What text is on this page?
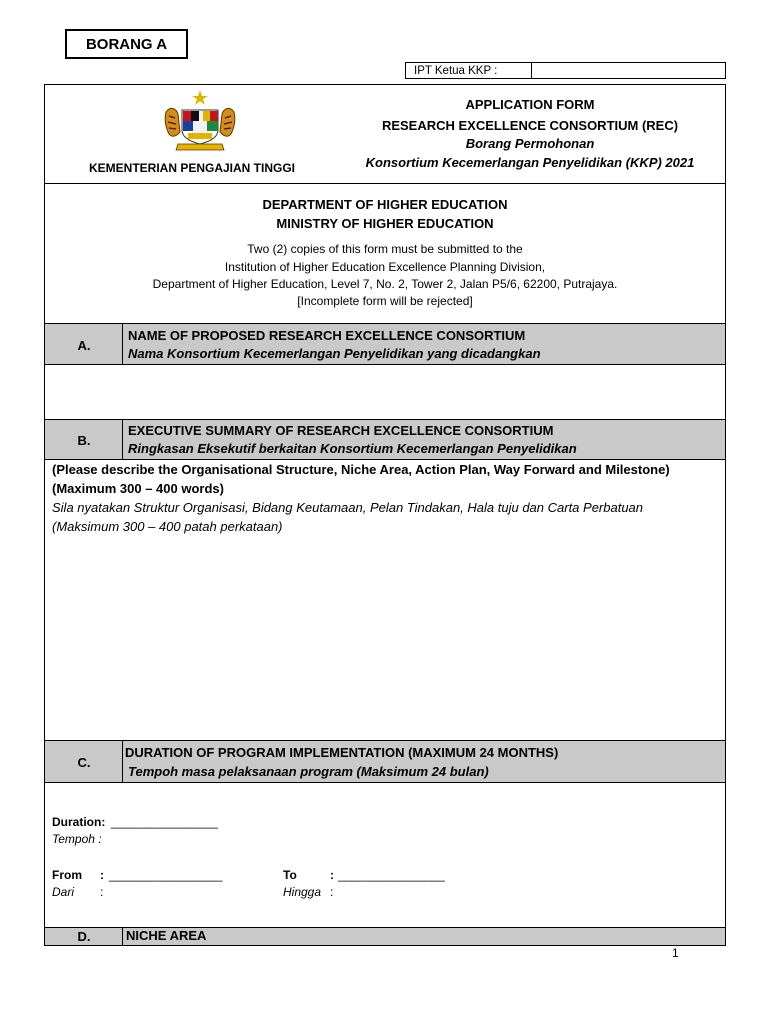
BORANG A
IPT Ketua KKP :
KEMENTERIAN PENGAJIAN TINGGI
APPLICATION FORM
RESEARCH EXCELLENCE CONSORTIUM (REC)
Borang Permohonan
Konsortium Kecemerlangan Penyelidikan (KKP) 2021
DEPARTMENT OF HIGHER EDUCATION
MINISTRY OF HIGHER EDUCATION
Two (2) copies of this form must be submitted to the
Institution of Higher Education Excellence Planning Division,
Department of Higher Education, Level 7, No. 2, Tower 2, Jalan P5/6, 62200, Putrajaya.
[Incomplete form will be rejected]
A.
NAME OF PROPOSED RESEARCH EXCELLENCE CONSORTIUM
Nama Konsortium Kecemerlangan Penyelidikan yang dicadangkan
B.
EXECUTIVE SUMMARY OF RESEARCH EXCELLENCE CONSORTIUM
Ringkasan Eksekutif berkaitan Konsortium Kecemerlangan Penyelidikan
(Please describe the Organisational Structure, Niche Area, Action Plan, Way Forward and Milestone)
(Maximum 300 – 400 words)
Sila nyatakan Struktur Organisasi, Bidang Keutamaan, Pelan Tindakan, Hala tuju dan Carta Perbatuan
(Maksimum 300 – 400 patah perkataan)
C.
DURATION OF PROGRAM IMPLEMENTATION (MAXIMUM 24 MONTHS)
Tempoh masa pelaksanaan program (Maksimum 24 bulan)
Duration: ________________
Tempoh :
From : _________________
Dari :
To	: ________________
Hingga :
D.	NICHE AREA
1
